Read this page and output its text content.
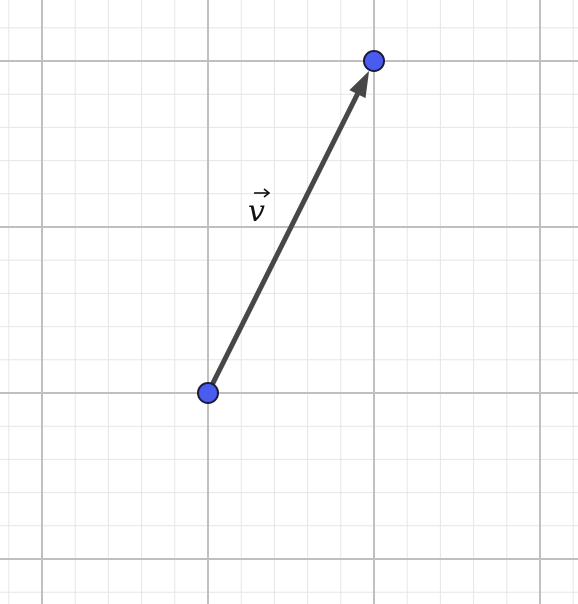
v
